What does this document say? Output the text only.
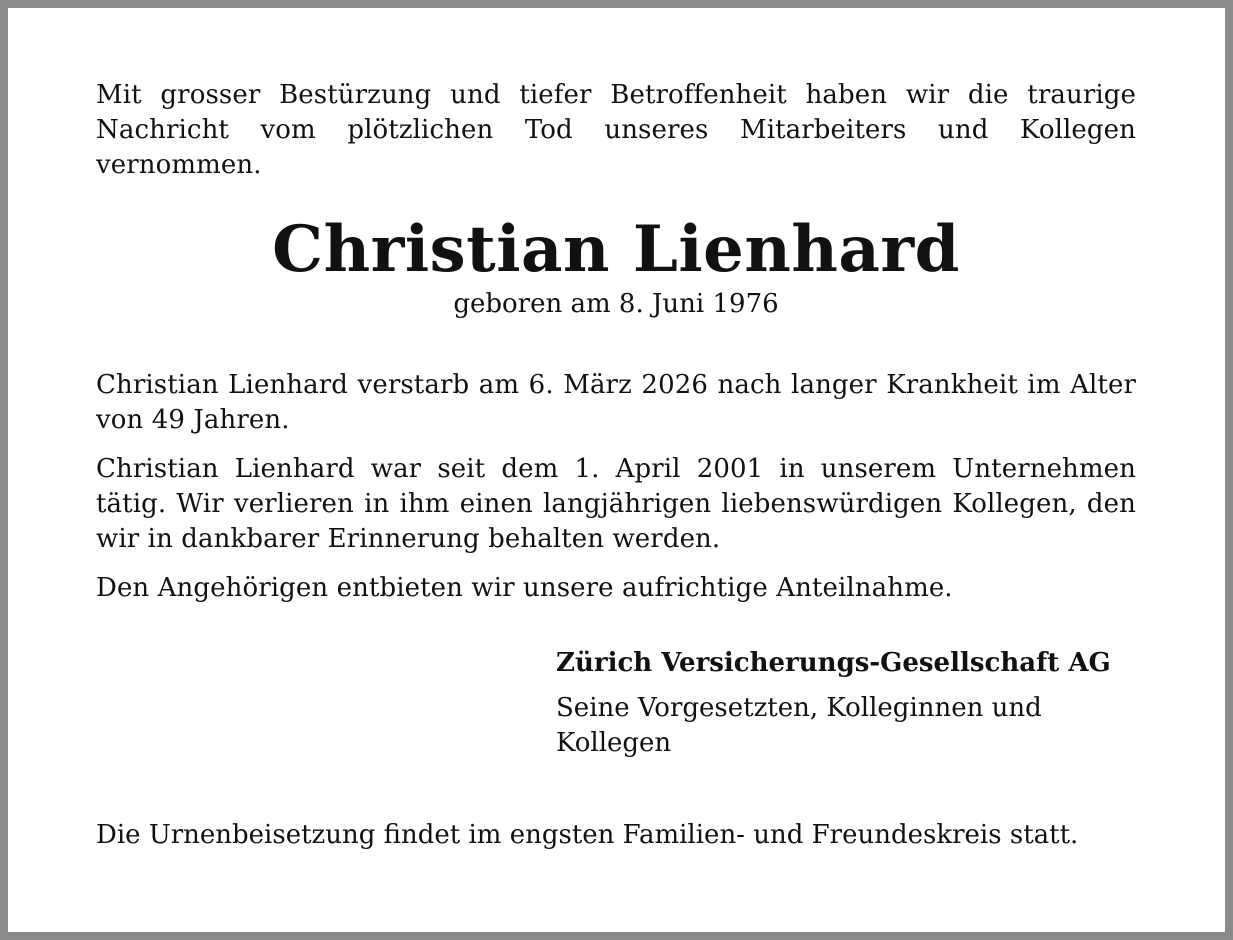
Mit grosser Bestürzung und tiefer Betroffenheit haben wir die traurige Nachricht vom plötzlichen Tod unseres Mitarbeiters und Kollegen vernommen.

Christian Lienhard
geboren am 8. Juni 1976

Christian Lienhard verstarb am 6. März 2026 nach langer Krankheit im Alter von 49 Jahren.

Christian Lienhard war seit dem 1. April 2001 in unserem Unternehmen tätig. Wir verlieren in ihm einen langjährigen liebenswürdigen Kollegen, den wir in dankbarer Erinnerung behalten werden.

Den Angehörigen entbieten wir unsere aufrichtige Anteilnahme.

Zürich Versicherungs-Gesellschaft AG

Seine Vorgesetzten, Kolleginnen und Kollegen

Die Urnenbeisetzung findet im engsten Familien- und Freundeskreis statt.
